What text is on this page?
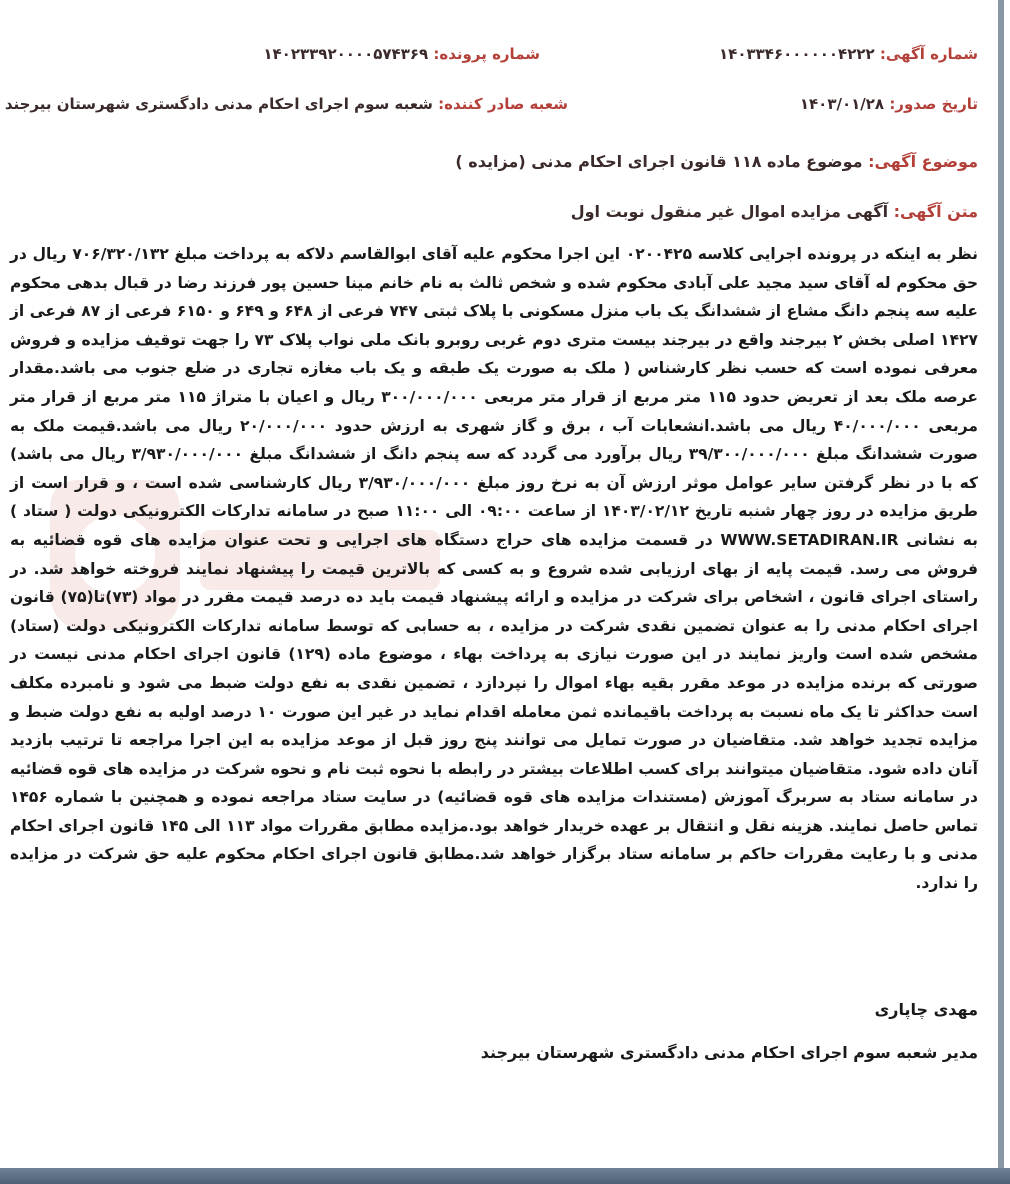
شماره آگهی: ۱۴۰۳۳۴۶۰۰۰۰۰۰۴۲۲۲
شماره پرونده: ۱۴۰۲۳۳۹۲۰۰۰۰۵۷۴۳۶۹
تاریخ صدور: ۱۴۰۳/۰۱/۲۸
شعبه صادر کننده: شعبه سوم اجرای احکام مدنی دادگستری شهرستان بیرجند
موضوع آگهی: موضوع ماده ۱۱۸ قانون اجرای احکام مدنی (مزایده )
متن آگهی: آگهی مزایده اموال غیر منقول نوبت اول
نظر به اینکه در پرونده اجرایی کلاسه ۰۲۰۰۴۲۵ این اجرا محکوم علیه آقای ابوالقاسم دلاکه به پرداخت مبلغ ۷۰۶/۳۲۰/۱۳۲ ریال در حق محکوم له آقای سید مجید علی آبادی محکوم شده و شخص ثالث به نام خانم مینا حسین پور فرزند رضا در قبال بدهی محکوم علیه سه پنجم دانگ مشاع از ششدانگ یک باب منزل مسکونی با پلاک ثبتی ۷۴۷ فرعی از ۶۴۸ و ۶۴۹ و ۶۱۵۰ فرعی از ۸۷ فرعی از ۱۴۲۷ اصلی بخش ۲ بیرجند واقع در بیرجند بیست متری دوم غربی روبرو بانک ملی نواب پلاک ۷۳ را جهت توقیف مزایده و فروش معرفی نموده است که حسب نظر کارشناس ( ملک به صورت یک طبقه و یک باب مغازه تجاری در ضلع جنوب می باشد.مقدار عرصه ملک بعد از تعریض حدود ۱۱۵ متر مربع از قرار متر مربعی ۳۰۰/۰۰۰/۰۰۰ ریال و اعیان با متراژ ۱۱۵ متر مربع از قرار متر مربعی ۴۰/۰۰۰/۰۰۰ ریال می باشد.انشعابات آب ، برق و گاز شهری به ارزش حدود ۲۰/۰۰۰/۰۰۰ ریال می باشد.قیمت ملک به صورت ششدانگ مبلغ ۳۹/۳۰۰/۰۰۰/۰۰۰ ریال برآورد می گردد که سه پنجم دانگ از ششدانگ مبلغ ۳/۹۳۰/۰۰۰/۰۰۰ ریال می باشد) که با در نظر گرفتن سایر عوامل موثر ارزش آن به نرخ روز مبلغ ۳/۹۳۰/۰۰۰/۰۰۰ ریال کارشناسی شده است ، و قرار است از طریق مزایده در روز چهار شنبه تاریخ ۱۴۰۳/۰۲/۱۲ از ساعت ۰۹:۰۰ الی ۱۱:۰۰ صبح در سامانه تدارکات الکترونیکی دولت ( ستاد ) به نشانی WWW.SETADIRAN.IR در قسمت مزایده های حراج دستگاه های اجرایی و تحت عنوان مزایده های قوه قضائیه به فروش می رسد. قیمت پایه از بهای ارزیابی شده شروع و به کسی که بالاترین قیمت را پیشنهاد نمایند فروخته خواهد شد. در راستای اجرای قانون ، اشخاص برای شرکت در مزایده و ارائه پیشنهاد قیمت باید ده درصد قیمت مقرر در مواد (۷۳)تا(۷۵) قانون اجرای احکام مدنی را به عنوان تضمین نقدی شرکت در مزایده ، به حسابی که توسط سامانه تدارکات الکترونیکی دولت (ستاد) مشخص شده است واریز نمایند در این صورت نیازی به پرداخت بهاء ، موضوع ماده (۱۲۹) قانون اجرای احکام مدنی نیست در صورتی که برنده مزایده در موعد مقرر بقیه بهاء اموال را نپردازد ، تضمین نقدی به نفع دولت ضبط می شود و نامبرده مکلف است حداکثر تا یک ماه نسبت به پرداخت باقیمانده ثمن معامله اقدام نماید در غیر این صورت ۱۰ درصد اولیه به نفع دولت ضبط و مزایده تجدید خواهد شد. متقاضیان در صورت تمایل می توانند پنج روز قبل از موعد مزایده به این اجرا مراجعه تا ترتیب بازدید آنان داده شود. متقاضیان میتوانند برای کسب اطلاعات بیشتر در رابطه با نحوه ثبت نام و نحوه شرکت در مزایده های قوه قضائیه در سامانه ستاد به سربرگ آموزش (مستندات مزایده های قوه قضائیه) در سایت ستاد مراجعه نموده و همچنین با شماره ۱۴۵۶ تماس حاصل نمایند. هزینه نقل و انتقال بر عهده خریدار خواهد بود.مزایده مطابق مقررات مواد ۱۱۳ الی ۱۴۵ قانون اجرای احکام مدنی و با رعایت مقررات حاکم بر سامانه ستاد برگزار خواهد شد.مطابق قانون اجرای احکام محکوم علیه حق شرکت در مزایده را ندارد.
مهدی چاپاری
مدیر شعبه سوم اجرای احکام مدنی دادگستری شهرستان بیرجند
